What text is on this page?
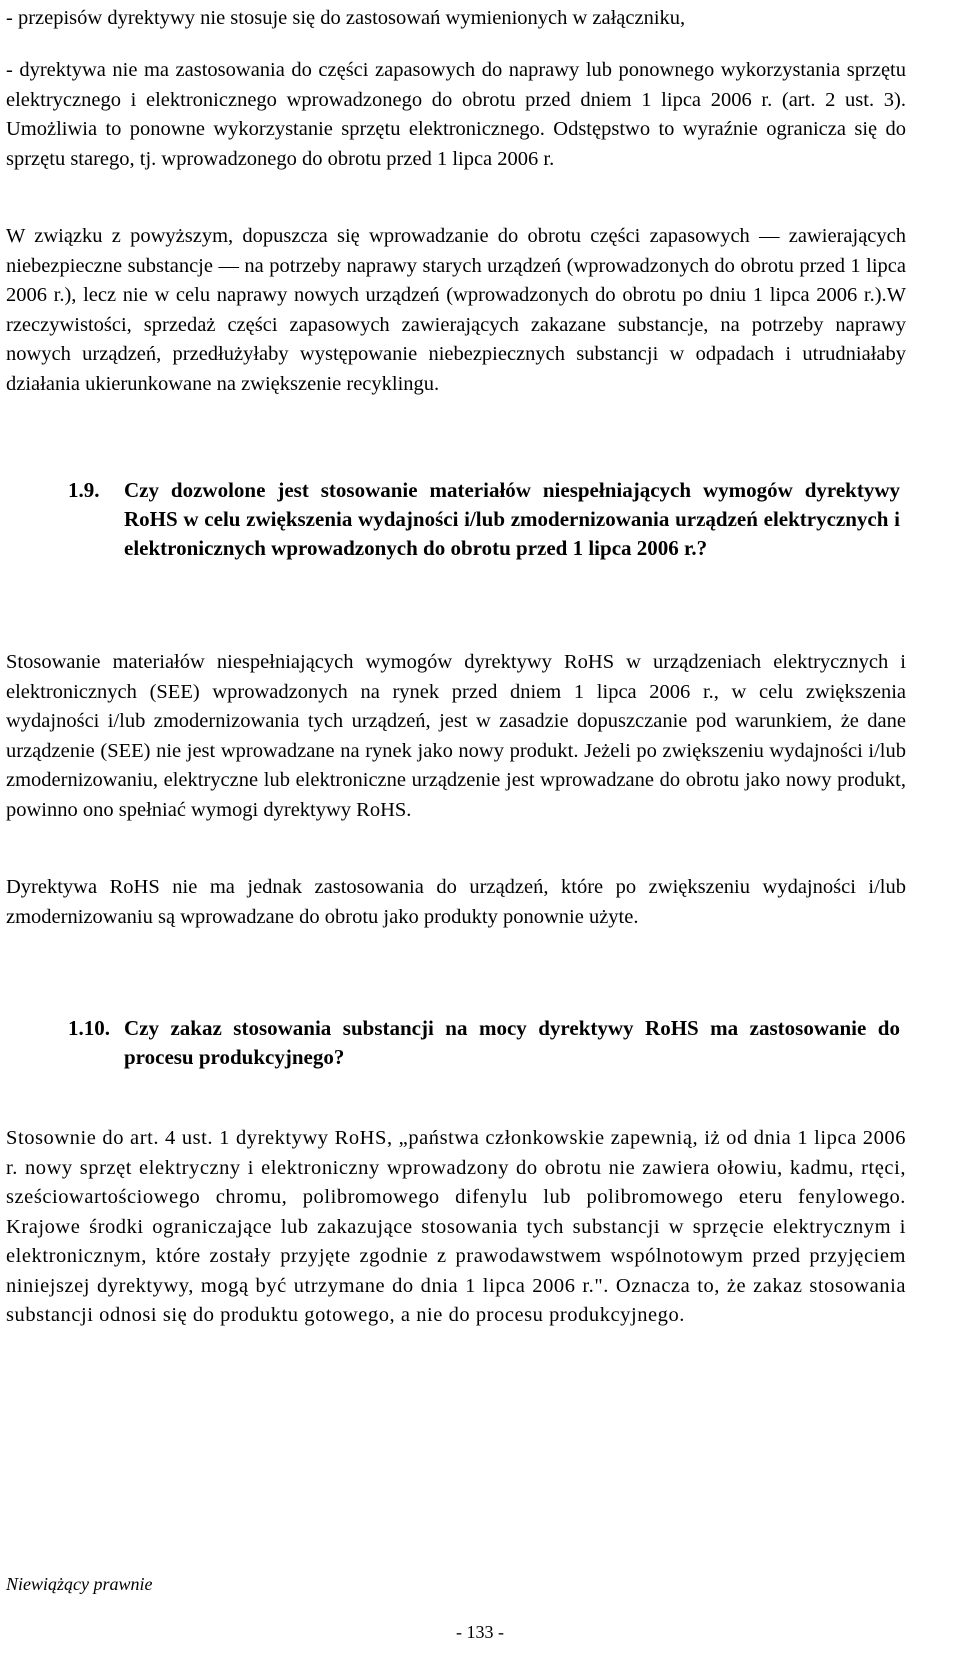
- przepisów dyrektywy nie stosuje się do zastosowań wymienionych w załączniku,

- dyrektywa nie ma zastosowania do części zapasowych do naprawy lub ponownego wykorzystania sprzętu elektrycznego i elektronicznego wprowadzonego do obrotu przed dniem 1 lipca 2006 r. (art. 2 ust. 3). Umożliwia to ponowne wykorzystanie sprzętu elektronicznego. Odstępstwo to wyraźnie ogranicza się do sprzętu starego, tj. wprowadzonego do obrotu przed 1 lipca 2006 r.

W związku z powyższym, dopuszcza się wprowadzanie do obrotu części zapasowych ― zawierających niebezpieczne substancje ― na potrzeby naprawy starych urządzeń (wprowadzonych do obrotu przed 1 lipca 2006 r.), lecz nie w celu naprawy nowych urządzeń (wprowadzonych do obrotu po dniu 1 lipca 2006 r.).W rzeczywistości, sprzedaż części zapasowych zawierających zakazane substancje, na potrzeby naprawy nowych urządzeń, przedłużyłaby występowanie niebezpiecznych substancji w odpadach i utrudniałaby działania ukierunkowane na zwiększenie recyklingu.

1.9. Czy dozwolone jest stosowanie materiałów niespełniających wymogów dyrektywy RoHS w celu zwiększenia wydajności i/lub zmodernizowania urządzeń elektrycznych i elektronicznych wprowadzonych do obrotu przed 1 lipca 2006 r.?

Stosowanie materiałów niespełniających wymogów dyrektywy RoHS w urządzeniach elektrycznych i elektronicznych (SEE) wprowadzonych na rynek przed dniem 1 lipca 2006 r., w celu zwiększenia wydajności i/lub zmodernizowania tych urządzeń, jest w zasadzie dopuszczanie pod warunkiem, że dane urządzenie (SEE) nie jest wprowadzane na rynek jako nowy produkt. Jeżeli po zwiększeniu wydajności i/lub zmodernizowaniu, elektryczne lub elektroniczne urządzenie jest wprowadzane do obrotu jako nowy produkt, powinno ono spełniać wymogi dyrektywy RoHS.

Dyrektywa RoHS nie ma jednak zastosowania do urządzeń, które po zwiększeniu wydajności i/lub zmodernizowaniu są wprowadzane do obrotu jako produkty ponownie użyte.

1.10. Czy zakaz stosowania substancji na mocy dyrektywy RoHS ma zastosowanie do procesu produkcyjnego?

Stosownie do art. 4 ust. 1 dyrektywy RoHS, „państwa członkowskie zapewnią, iż od dnia 1 lipca 2006 r. nowy sprzęt elektryczny i elektroniczny wprowadzony do obrotu nie zawiera ołowiu, kadmu, rtęci, sześciowartościowego chromu, polibromowego difenylu lub polibromowego eteru fenylowego. Krajowe środki ograniczające lub zakazujące stosowania tych substancji w sprzęcie elektrycznym i elektronicznym, które zostały przyjęte zgodnie z prawodawstwem wspólnotowym przed przyjęciem niniejszej dyrektywy, mogą być utrzymane do dnia 1 lipca 2006 r.". Oznacza to, że zakaz stosowania substancji odnosi się do produktu gotowego, a nie do procesu produkcyjnego.

Niewiążący prawnie
- 133 -
